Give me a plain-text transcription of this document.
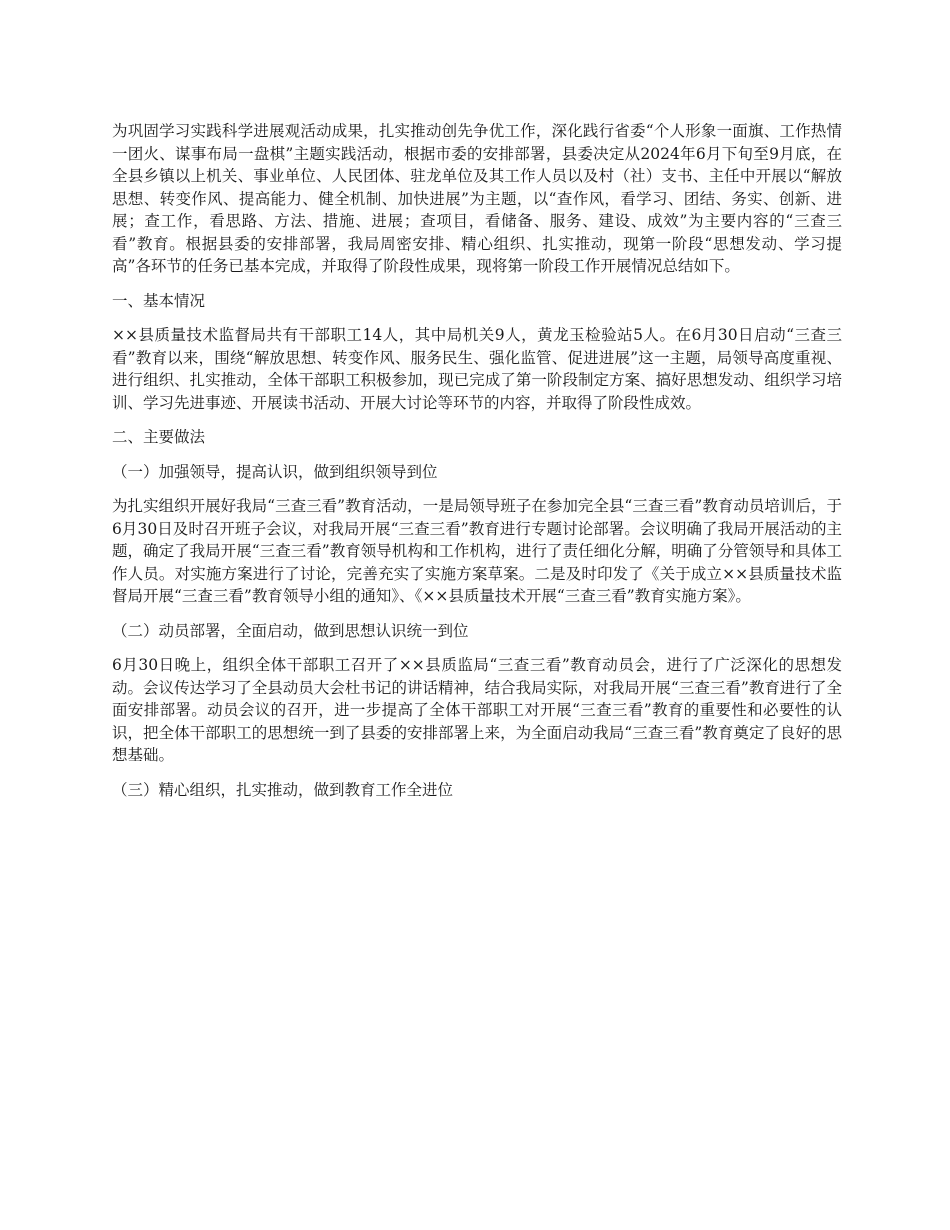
为巩固学习实践科学进展观活动成果，扎实推动创先争优工作，深化践行省委“个人形象一面旗、工作热情一团火、谋事布局一盘棋”主题实践活动，根据市委的安排部署，县委决定从2024年6月下旬至9月底，在全县乡镇以上机关、事业单位、人民团体、驻龙单位及其工作人员以及村（社）支书、主任中开展以“解放思想、转变作风、提高能力、健全机制、加快进展”为主题，以“查作风，看学习、团结、务实、创新、进展；查工作，看思路、方法、措施、进展；查项目，看储备、服务、建设、成效”为主要内容的“三查三看”教育。根据县委的安排部署，我局周密安排、精心组织、扎实推动，现第一阶段“思想发动、学习提高”各环节的任务已基本完成，并取得了阶段性成果，现将第一阶段工作开展情况总结如下。

一、基本情况

××县质量技术监督局共有干部职工14人，其中局机关9人，黄龙玉检验站5人。在6月30日启动“三查三看”教育以来，围绕“解放思想、转变作风、服务民生、强化监管、促进进展”这一主题，局领导高度重视、进行组织、扎实推动，全体干部职工积极参加，现已完成了第一阶段制定方案、搞好思想发动、组织学习培训、学习先进事迹、开展读书活动、开展大讨论等环节的内容，并取得了阶段性成效。

二、主要做法

（一）加强领导，提高认识，做到组织领导到位

为扎实组织开展好我局“三查三看”教育活动，一是局领导班子在参加完全县“三查三看”教育动员培训后，于6月30日及时召开班子会议，对我局开展“三查三看”教育进行专题讨论部署。会议明确了我局开展活动的主题，确定了我局开展“三查三看”教育领导机构和工作机构，进行了责任细化分解，明确了分管领导和具体工作人员。对实施方案进行了讨论，完善充实了实施方案草案。二是及时印发了《关于成立××县质量技术监督局开展“三查三看”教育领导小组的通知》、《××县质量技术开展“三查三看”教育实施方案》。

（二）动员部署，全面启动，做到思想认识统一到位

6月30日晚上，组织全体干部职工召开了××县质监局“三查三看”教育动员会，进行了广泛深化的思想发动。会议传达学习了全县动员大会杜书记的讲话精神，结合我局实际，对我局开展“三查三看”教育进行了全面安排部署。动员会议的召开，进一步提高了全体干部职工对开展“三查三看”教育的重要性和必要性的认识，把全体干部职工的思想统一到了县委的安排部署上来，为全面启动我局“三查三看”教育奠定了良好的思想基础。

（三）精心组织，扎实推动，做到教育工作全进位
